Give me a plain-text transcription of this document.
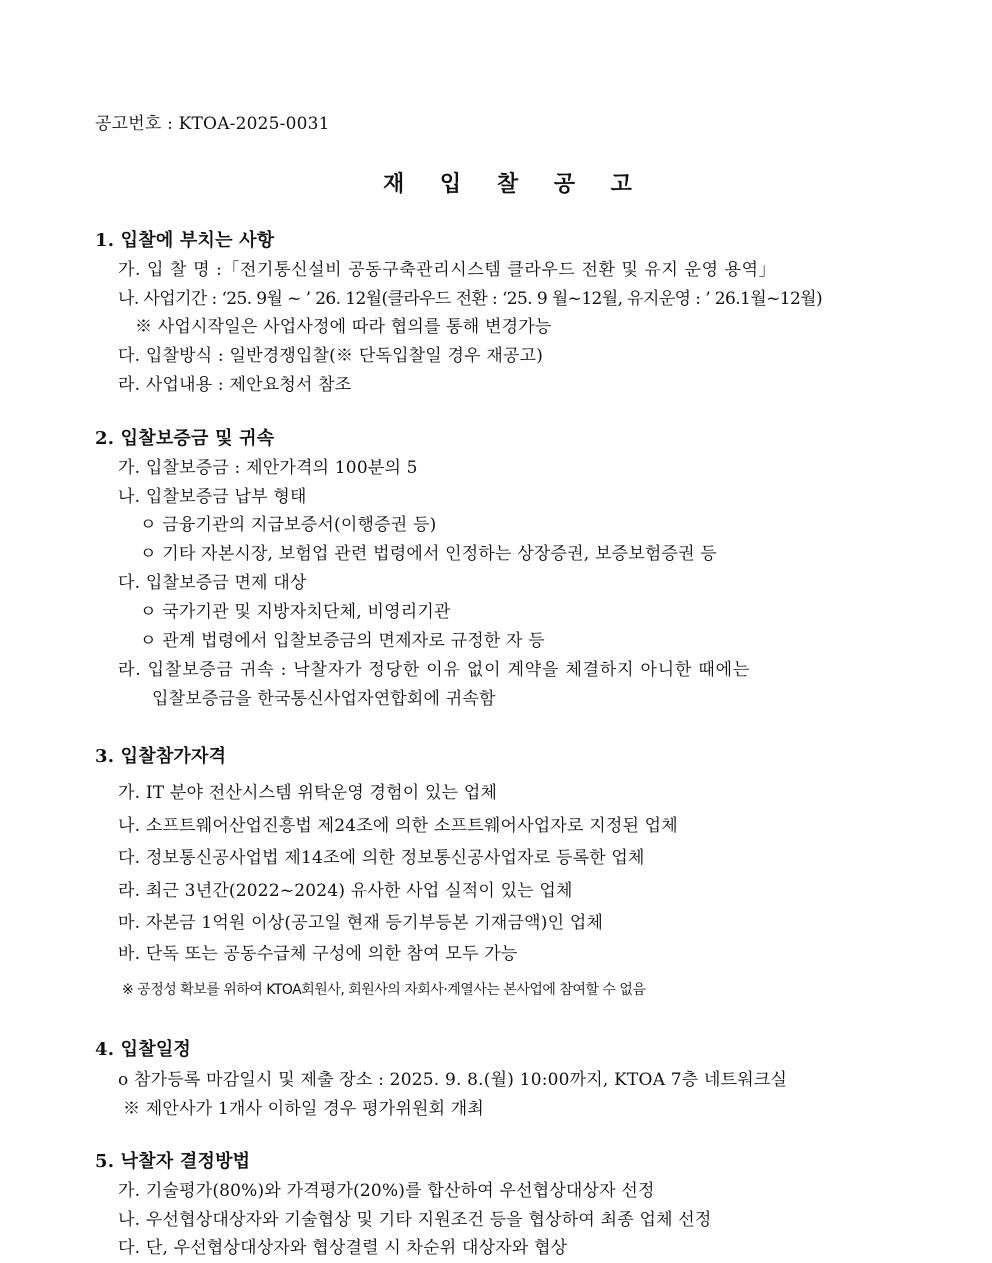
공고번호 : KTOA-2025-0031
재 입 찰 공 고
1. 입찰에 부치는 사항
가. 입 찰 명 :「전기통신설비 공동구축관리시스템 클라우드 전환 및 유지 운영 용역」
나. 사업기간 : ‘25. 9월 ~ ’ 26. 12월(클라우드 전환 : ‘25. 9 월~12월, 유지운영 : ’ 26.1월~12월)
※ 사업시작일은 사업사정에 따라 협의를 통해 변경가능
다. 입찰방식 : 일반경쟁입찰(※ 단독입찰일 경우 재공고)
라. 사업내용 : 제안요청서 참조
2. 입찰보증금 및 귀속
가. 입찰보증금 : 제안가격의 100분의 5
나. 입찰보증금 납부 형태
ㅇ 금융기관의 지급보증서(이행증권 등)
ㅇ 기타 자본시장, 보험업 관련 법령에서 인정하는 상장증권, 보증보험증권 등
다. 입찰보증금 면제 대상
ㅇ 국가기관 및 지방자치단체, 비영리기관
ㅇ 관계 법령에서 입찰보증금의 면제자로 규정한 자 등
라. 입찰보증금 귀속 : 낙찰자가 정당한 이유 없이 계약을 체결하지 아니한 때에는
입찰보증금을 한국통신사업자연합회에 귀속함
3. 입찰참가자격
가. IT 분야 전산시스템 위탁운영 경험이 있는 업체
나. 소프트웨어산업진흥법 제24조에 의한 소프트웨어사업자로 지정된 업체
다. 정보통신공사업법 제14조에 의한 정보통신공사업자로 등록한 업체
라. 최근 3년간(2022~2024) 유사한 사업 실적이 있는 업체
마. 자본금 1억원 이상(공고일 현재 등기부등본 기재금액)인 업체
바. 단독 또는 공동수급체 구성에 의한 참여 모두 가능
※ 공정성 확보를 위하여 KTOA회원사, 회원사의 자회사·계열사는 본사업에 참여할 수 없음
4. 입찰일정
o 참가등록 마감일시 및 제출 장소 : 2025. 9. 8.(월) 10:00까지, KTOA 7층 네트워크실
※ 제안사가 1개사 이하일 경우 평가위원회 개최
5. 낙찰자 결정방법
가. 기술평가(80%)와 가격평가(20%)를 합산하여 우선협상대상자 선정
나. 우선협상대상자와 기술협상 및 기타 지원조건 등을 협상하여 최종 업체 선정
다. 단, 우선협상대상자와 협상결렬 시 차순위 대상자와 협상
